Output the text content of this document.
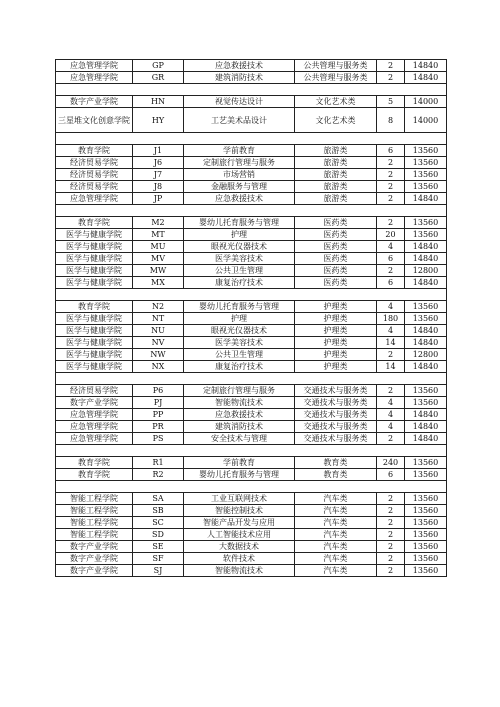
应急管理学院	GP	应急救援技术	公共管理与服务类	2	14840
应急管理学院	GR	建筑消防技术	公共管理与服务类	2	14840

数字产业学院	HN	视觉传达设计	文化艺术类	5	14000
三星堆文化创意学院	HY	工艺美术品设计	文化艺术类	8	14000

教育学院	J1	学前教育	旅游类	6	13560
经济贸易学院	J6	定制旅行管理与服务	旅游类	2	13560
经济贸易学院	J7	市场营销	旅游类	2	13560
经济贸易学院	J8	金融服务与管理	旅游类	2	13560
应急管理学院	JP	应急救援技术	旅游类	2	14840

教育学院	M2	婴幼儿托育服务与管理	医药类	2	13560
医学与健康学院	MT	护理	医药类	20	13560
医学与健康学院	MU	眼视光仪器技术	医药类	4	14840
医学与健康学院	MV	医学美容技术	医药类	6	14840
医学与健康学院	MW	公共卫生管理	医药类	2	12800
医学与健康学院	MX	康复治疗技术	医药类	6	14840

教育学院	N2	婴幼儿托育服务与管理	护理类	4	13560
医学与健康学院	NT	护理	护理类	180	13560
医学与健康学院	NU	眼视光仪器技术	护理类	4	14840
医学与健康学院	NV	医学美容技术	护理类	14	14840
医学与健康学院	NW	公共卫生管理	护理类	2	12800
医学与健康学院	NX	康复治疗技术	护理类	14	14840

经济贸易学院	P6	定制旅行管理与服务	交通技术与服务类	2	13560
数字产业学院	PJ	智能物流技术	交通技术与服务类	4	13560
应急管理学院	PP	应急救援技术	交通技术与服务类	4	14840
应急管理学院	PR	建筑消防技术	交通技术与服务类	4	14840
应急管理学院	PS	安全技术与管理	交通技术与服务类	2	14840

教育学院	R1	学前教育	教育类	240	13560
教育学院	R2	婴幼儿托育服务与管理	教育类	6	13560

智能工程学院	SA	工业互联网技术	汽车类	2	13560
智能工程学院	SB	智能控制技术	汽车类	2	13560
智能工程学院	SC	智能产品开发与应用	汽车类	2	13560
智能工程学院	SD	人工智能技术应用	汽车类	2	13560
数字产业学院	SE	大数据技术	汽车类	2	13560
数字产业学院	SF	软件技术	汽车类	2	13560
数字产业学院	SJ	智能物流技术	汽车类	2	13560
